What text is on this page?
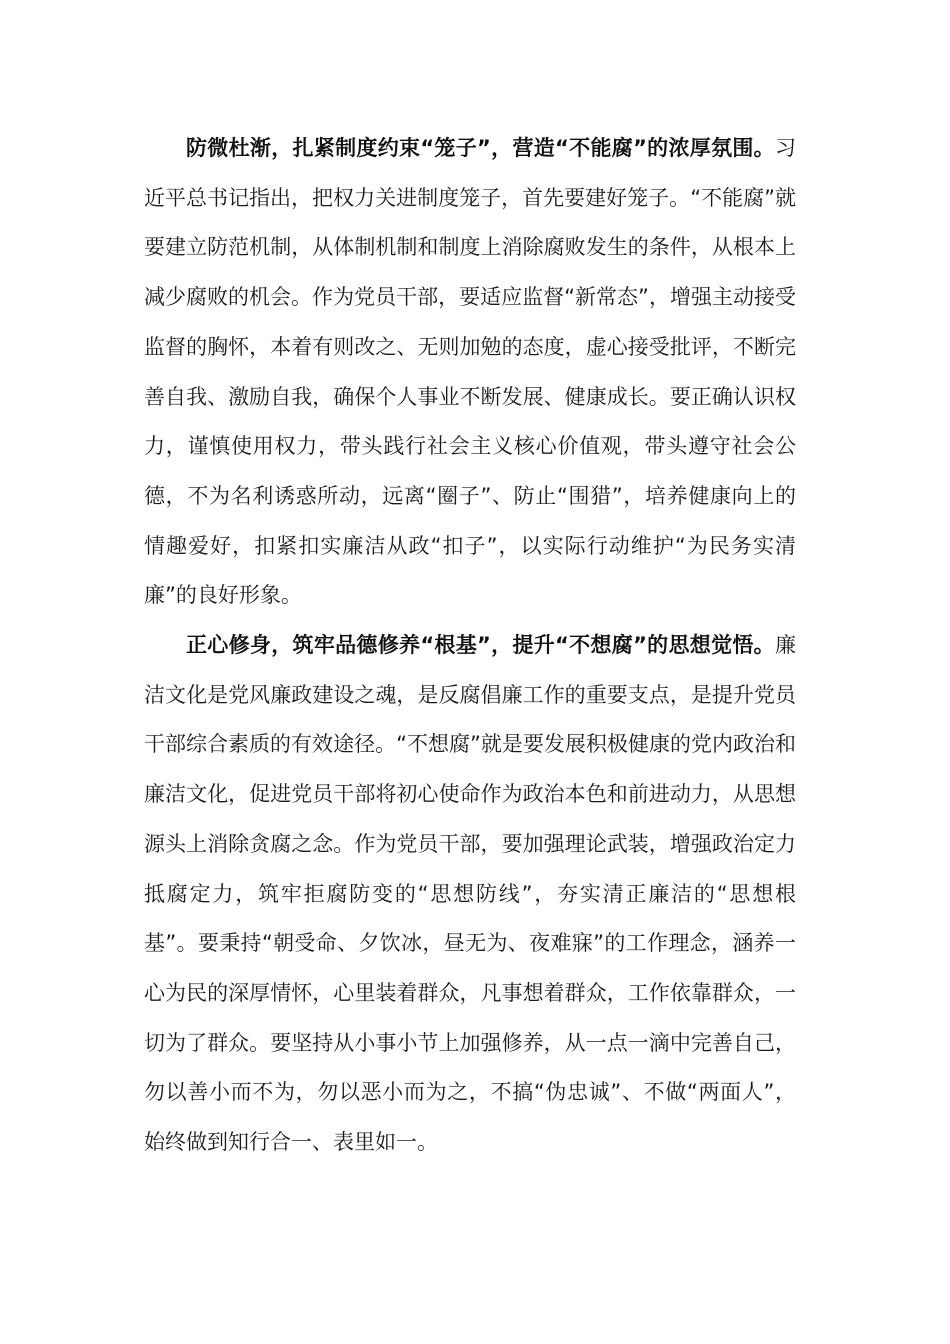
防微杜渐，扎紧制度约束“笼子”，营造“不能腐”的浓厚氛围。习近平总书记指出，把权力关进制度笼子，首先要建好笼子。“不能腐”就要建立防范机制，从体制机制和制度上消除腐败发生的条件，从根本上减少腐败的机会。作为党员干部，要适应监督“新常态”，增强主动接受监督的胸怀，本着有则改之、无则加勉的态度，虚心接受批评，不断完善自我、激励自我，确保个人事业不断发展、健康成长。要正确认识权力，谨慎使用权力，带头践行社会主义核心价值观，带头遵守社会公德，不为名利诱惑所动，远离“圈子”、防止“围猎”，培养健康向上的情趣爱好，扣紧扣实廉洁从政“扣子”，以实际行动维护“为民务实清廉”的良好形象。

正心修身，筑牢品德修养“根基”，提升“不想腐”的思想觉悟。廉洁文化是党风廉政建设之魂，是反腐倡廉工作的重要支点，是提升党员干部综合素质的有效途径。“不想腐”就是要发展积极健康的党内政治和廉洁文化，促进党员干部将初心使命作为政治本色和前进动力，从思想源头上消除贪腐之念。作为党员干部，要加强理论武装，增强政治定力抵腐定力，筑牢拒腐防变的“思想防线”，夯实清正廉洁的“思想根基”。要秉持“朝受命、夕饮冰，昼无为、夜难寐”的工作理念，涵养一心为民的深厚情怀，心里装着群众，凡事想着群众，工作依靠群众，一切为了群众。要坚持从小事小节上加强修养，从一点一滴中完善自己，勿以善小而不为，勿以恶小而为之，不搞“伪忠诚”、不做“两面人”，始终做到知行合一、表里如一。
